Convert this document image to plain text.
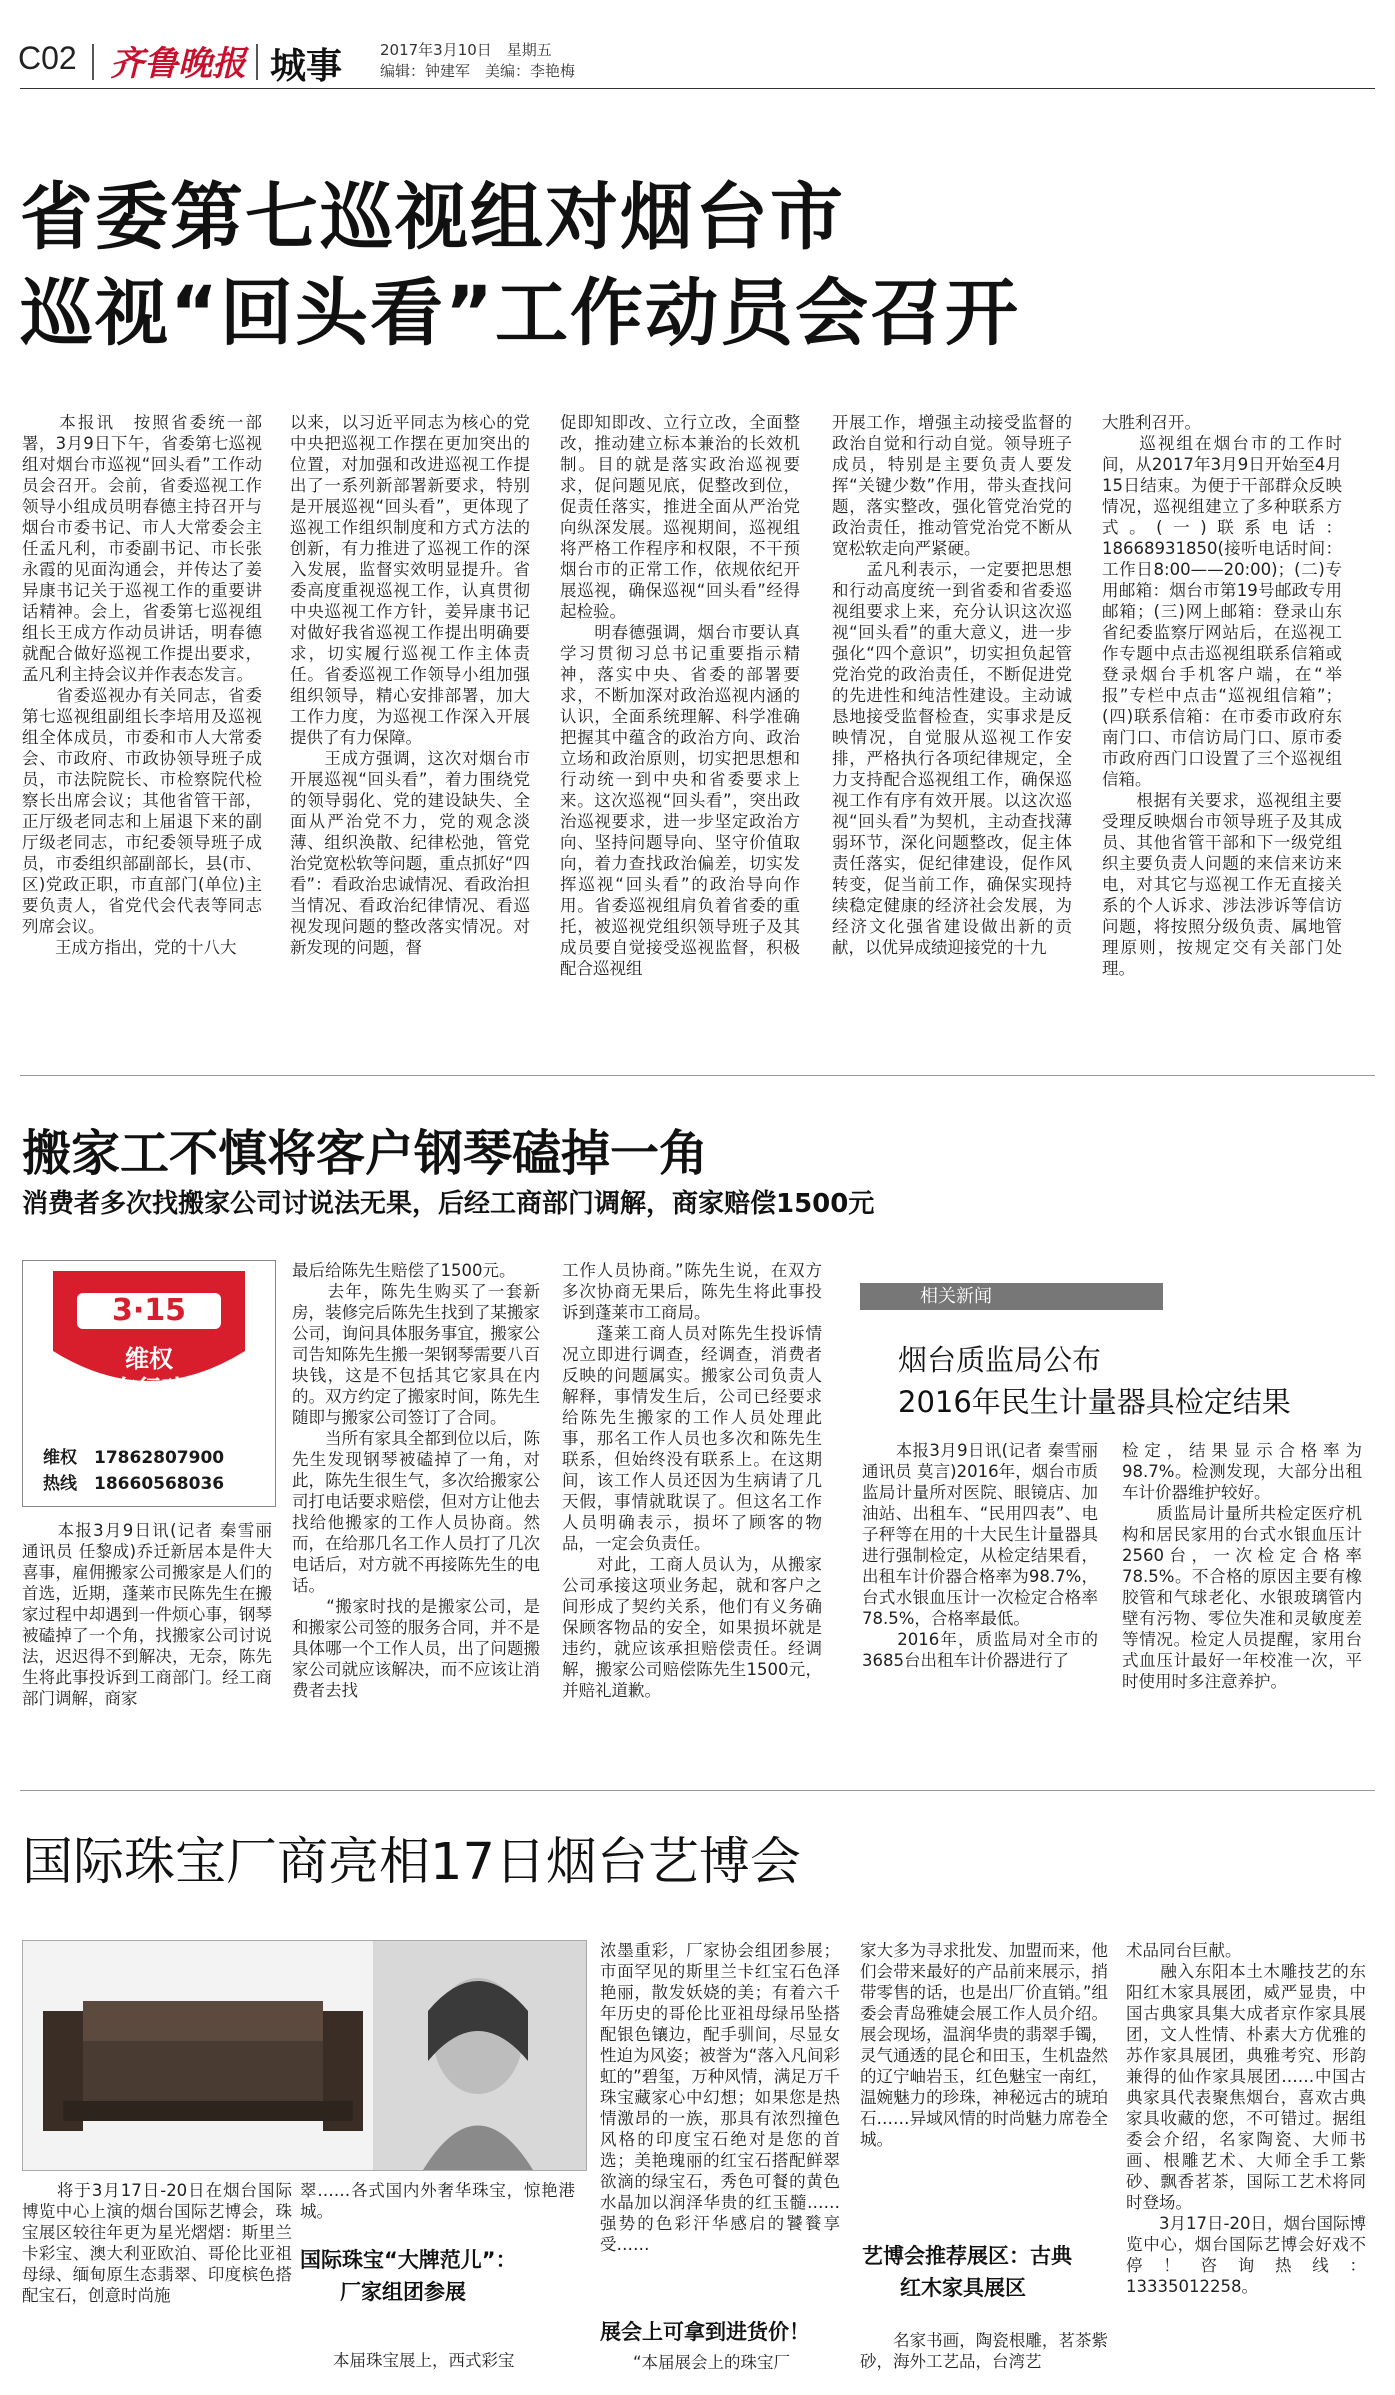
C02 齐鲁晚报 城事	2017年3月10日　星期五
编辑：钟建军　美编：李艳梅
省委第七巡视组对烟台市
巡视“回头看”工作动员会召开
　　本报讯　按照省委统一部署，3月9日下午，省委第七巡视组对烟台市巡视“回头看”工作动员会召开。会前，省委巡视工作领导小组成员明春德主持召开与烟台市委书记、市人大常委会主任孟凡利，市委副书记、市长张永霞的见面沟通会，并传达了姜异康书记关于巡视工作的重要讲话精神。会上，省委第七巡视组组长王成方作动员讲话，明春德就配合做好巡视工作提出要求，孟凡利主持会议并作表态发言。
　　省委巡视办有关同志，省委第七巡视组副组长李培用及巡视组全体成员，市委和市人大常委会、市政府、市政协领导班子成员，市法院院长、市检察院代检察长出席会议；其他省管干部，正厅级老同志和上届退下来的副厅级老同志，市纪委领导班子成员，市委组织部副部长，县(市、区)党政正职，市直部门(单位)主要负责人，省党代会代表等同志列席会议。
　　王成方指出，党的十八大
以来，以习近平同志为核心的党中央把巡视工作摆在更加突出的位置，对加强和改进巡视工作提出了一系列新部署新要求，特别是开展巡视“回头看”，更体现了巡视工作组织制度和方式方法的创新，有力推进了巡视工作的深入发展，监督实效明显提升。省委高度重视巡视工作，认真贯彻中央巡视工作方针，姜异康书记对做好我省巡视工作提出明确要求，切实履行巡视工作主体责任。省委巡视工作领导小组加强组织领导，精心安排部署，加大工作力度，为巡视工作深入开展提供了有力保障。
　　王成方强调，这次对烟台市开展巡视“回头看”，着力围绕党的领导弱化、党的建设缺失、全面从严治党不力，党的观念淡薄、组织涣散、纪律松弛，管党治党宽松软等问题，重点抓好“四看”：看政治忠诚情况、看政治担当情况、看政治纪律情况、看巡视发现问题的整改落实情况。对新发现的问题，督
促即知即改、立行立改，全面整改，推动建立标本兼治的长效机制。目的就是落实政治巡视要求，促问题见底，促整改到位，促责任落实，推进全面从严治党向纵深发展。巡视期间，巡视组将严格工作程序和权限，不干预烟台市的正常工作，依规依纪开展巡视，确保巡视“回头看”经得起检验。
　　明春德强调，烟台市要认真学习贯彻习总书记重要指示精神，落实中央、省委的部署要求，不断加深对政治巡视内涵的认识，全面系统理解、科学准确把握其中蕴含的政治方向、政治立场和政治原则，切实把思想和行动统一到中央和省委要求上来。这次巡视“回头看”，突出政治巡视要求，进一步坚定政治方向、坚持问题导向、坚守价值取向，着力查找政治偏差，切实发挥巡视“回头看”的政治导向作用。省委巡视组肩负着省委的重托，被巡视党组织领导班子及其成员要自觉接受巡视监督，积极配合巡视组
开展工作，增强主动接受监督的政治自觉和行动自觉。领导班子成员，特别是主要负责人要发挥“关键少数”作用，带头查找问题，落实整改，强化管党治党的政治责任，推动管党治党不断从宽松软走向严紧硬。
　　孟凡利表示，一定要把思想和行动高度统一到省委和省委巡视组要求上来，充分认识这次巡视“回头看”的重大意义，进一步强化“四个意识”，切实担负起管党治党的政治责任，不断促进党的先进性和纯洁性建设。主动诚恳地接受监督检查，实事求是反映情况，自觉服从巡视工作安排，严格执行各项纪律规定，全力支持配合巡视组工作，确保巡视工作有序有效开展。以这次巡视“回头看”为契机，主动查找薄弱环节，深化问题整改，促主体责任落实，促纪律建设，促作风转变，促当前工作，确保实现持续稳定健康的经济社会发展，为经济文化强省建设做出新的贡献，以优异成绩迎接党的十九
大胜利召开。
　　巡视组在烟台市的工作时间，从2017年3月9日开始至4月15日结束。为便于干部群众反映情况，巡视组建立了多种联系方式。(一)联系电话：18668931850(接听电话时间：工作日8:00——20:00)；(二)专用邮箱：烟台市第19号邮政专用邮箱；(三)网上邮箱：登录山东省纪委监察厅网站后，在巡视工作专题中点击巡视组联系信箱或登录烟台手机客户端，在“举报”专栏中点击“巡视组信箱”；(四)联系信箱：在市委市政府东南门口、市信访局门口、原市委市政府西门口设置了三个巡视组信箱。
　　根据有关要求，巡视组主要受理反映烟台市领导班子及其成员、其他省管干部和下一级党组织主要负责人问题的来信来访来电，对其它与巡视工作无直接关系的个人诉求、涉法涉诉等信访问题，将按照分级负责、属地管理原则，按规定交有关部门处理。
搬家工不慎将客户钢琴磕掉一角
消费者多次找搬家公司讨说法无果，后经工商部门调解，商家赔偿1500元
3·15
维权
在行动
维权　 17862807900
热线　 18660568036
　　本报3月9日讯(记者 秦雪丽 通讯员 任黎成)乔迁新居本是件大喜事，雇佣搬家公司搬家是人们的首选，近期，蓬莱市民陈先生在搬家过程中却遇到一件烦心事，钢琴被磕掉了一个角，找搬家公司讨说法，迟迟得不到解决，无奈，陈先生将此事投诉到工商部门。经工商部门调解，商家
最后给陈先生赔偿了1500元。
　　去年，陈先生购买了一套新房，装修完后陈先生找到了某搬家公司，询问具体服务事宜，搬家公司告知陈先生搬一架钢琴需要八百块钱，这是不包括其它家具在内的。双方约定了搬家时间，陈先生随即与搬家公司签订了合同。
　　当所有家具全都到位以后，陈先生发现钢琴被磕掉了一角，对此，陈先生很生气，多次给搬家公司打电话要求赔偿，但对方让他去找给他搬家的工作人员协商。然而，在给那几名工作人员打了几次电话后，对方就不再接陈先生的电话。
　　“搬家时找的是搬家公司，是和搬家公司签的服务合同，并不是具体哪一个工作人员，出了问题搬家公司就应该解决，而不应该让消费者去找
工作人员协商。”陈先生说，在双方多次协商无果后，陈先生将此事投诉到蓬莱市工商局。
　　蓬莱工商人员对陈先生投诉情况立即进行调查，经调查，消费者反映的问题属实。搬家公司负责人解释，事情发生后，公司已经要求给陈先生搬家的工作人员处理此事，那名工作人员也多次和陈先生联系，但始终没有联系上。在这期间，该工作人员还因为生病请了几天假，事情就耽误了。但这名工作人员明确表示，损坏了顾客的物品，一定会负责任。
　　对此，工商人员认为，从搬家公司承接这项业务起，就和客户之间形成了契约关系，他们有义务确保顾客物品的安全，如果损坏就是违约，就应该承担赔偿责任。经调解，搬家公司赔偿陈先生1500元，并赔礼道歉。
相关新闻
烟台质监局公布
2016年民生计量器具检定结果
　　本报3月9日讯(记者 秦雪丽 通讯员 莫言)2016年，烟台市质监局计量所对医院、眼镜店、加油站、出租车、“民用四表”、电子秤等在用的十大民生计量器具进行强制检定，从检定结果看，出租车计价器合格率为98.7%，台式水银血压计一次检定合格率78.5%，合格率最低。
　　2016年，质监局对全市的3685台出租车计价器进行了
检定，结果显示合格率为98.7%。检测发现，大部分出租车计价器维护较好。
　　质监局计量所共检定医疗机构和居民家用的台式水银血压计2560台，一次检定合格率78.5%。不合格的原因主要有橡胶管和气球老化、水银玻璃管内壁有污物、零位失准和灵敏度差等情况。检定人员提醒，家用台式血压计最好一年校准一次，平时使用时多注意养护。
国际珠宝厂商亮相17日烟台艺博会
　　将于3月17日-20日在烟台国际博览中心上演的烟台国际艺博会，珠宝展区较往年更为星光熠熠：斯里兰卡彩宝、澳大利亚欧泊、哥伦比亚祖母绿、缅甸原生态翡翠、印度槟色搭配宝石，创意时尚施
翠……各式国内外奢华珠宝，惊艳港城。
国际珠宝“大牌范儿”：
厂家组团参展
　　本届珠宝展上，西式彩宝
浓墨重彩，厂家协会组团参展；市面罕见的斯里兰卡红宝石色泽艳丽，散发妖娆的美；有着六千年历史的哥伦比亚祖母绿吊坠搭配银色镶边，配手驯间，尽显女性迫为风姿；被誉为“落入凡间彩虹的”碧玺，万种风情，满足万千珠宝藏家心中幻想；如果您是热情激昂的一族，那具有浓烈撞色风格的印度宝石绝对是您的首选；美艳瑰丽的红宝石搭配鲜翠欲滴的绿宝石，秀色可餐的黄色水晶加以润泽华贵的红玉髓……强势的色彩汗华感启的饕餮享受……
展会上可拿到进货价！
　　“本届展会上的珠宝厂
家大多为寻求批发、加盟而来，他们会带来最好的产品前来展示，捎带零售的话，也是出厂价直销。”组委会青岛雅婕会展工作人员介绍。展会现场，温润华贵的翡翠手镯，灵气通透的昆仑和田玉，生机盎然的辽宁岫岩玉，红色魅宝一南红，温婉魅力的珍珠，神秘远古的琥珀石……异域风情的时尚魅力席卷全城。
艺博会推荐展区：古典
红木家具展区
　　名家书画，陶瓷根雕，茗茶紫砂，海外工艺品，台湾艺
术品同台巨献。
　　融入东阳本土木雕技艺的东阳红木家具展团，威严显贵，中国古典家具集大成者京作家具展团，文人性情、朴素大方优雅的苏作家具展团，典雅考究、形韵兼得的仙作家具展团……中国古典家具代表聚焦烟台，喜欢古典家具收藏的您，不可错过。据组委会介绍，名家陶瓷、大师书画、根雕艺术、大师全手工紫砂、飘香茗茶，国际工艺术将同时登场。
　　3月17日-20日，烟台国际博览中心，烟台国际艺博会好戏不停！咨询热线：13335012258。
